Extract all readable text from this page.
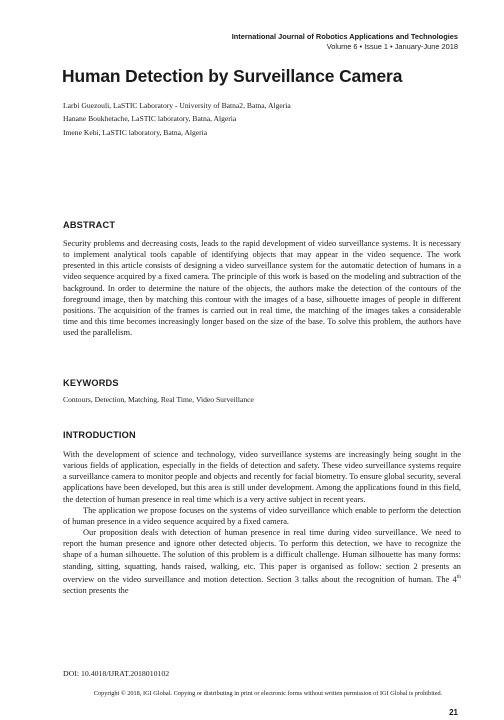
International Journal of Robotics Applications and Technologies
Volume 6 • Issue 1 • January-June 2018
Human Detection by Surveillance Camera
Larbi Guezouli, LaSTIC Laboratory - University of Batna2, Batna, Algeria
Hanane Boukhetache, LaSTIC laboratory, Batna, Algeria
Imene Kebi, LaSTIC laboratory, Batna, Algeria
ABSTRACT

Security problems and decreasing costs, leads to the rapid development of video surveillance systems. It is necessary to implement analytical tools capable of identifying objects that may appear in the video sequence. The work presented in this article consists of designing a video surveillance system for the automatic detection of humans in a video sequence acquired by a fixed camera. The principle of this work is based on the modeling and subtraction of the background. In order to determine the nature of the objects, the authors make the detection of the contours of the foreground image, then by matching this contour with the images of a base, silhouette images of people in different positions. The acquisition of the frames is carried out in real time, the matching of the images takes a considerable time and this time becomes increasingly longer based on the size of the base. To solve this problem, the authors have used the parallelism.

KEYWORDS
Contours, Detection, Matching, Real Time, Video Surveillance
INTRODUCTION

With the development of science and technology, video surveillance systems are increasingly being sought in the various fields of application, especially in the fields of detection and safety. These video surveillance systems require a surveillance camera to monitor people and objects and recently for facial biometry. To ensure global security, several applications have been developed, but this area is still under development. Among the applications found in this field, the detection of human presence in real time which is a very active subject in recent years.

The application we propose focuses on the systems of video surveillance which enable to perform the detection of human presence in a video sequence acquired by a fixed camera.

Our proposition deals with detection of human presence in real time during video surveillance. We need to report the human presence and ignore other detected objects. To perform this detection, we have to recognize the shape of a human silhouette. The solution of this problem is a difficult challenge. Human silhouette has many forms: standing, sitting, squatting, hands raised, walking, etc. This paper is organised as follow: section 2 presents an overview on the video surveillance and motion detection. Section 3 talks about the recognition of human. The 4th section presents the

DOI: 10.4018/IJRAT.2018010102
Copyright © 2018, IGI Global. Copying or distributing in print or electronic forms without written permission of IGI Global is prohibited.
21
